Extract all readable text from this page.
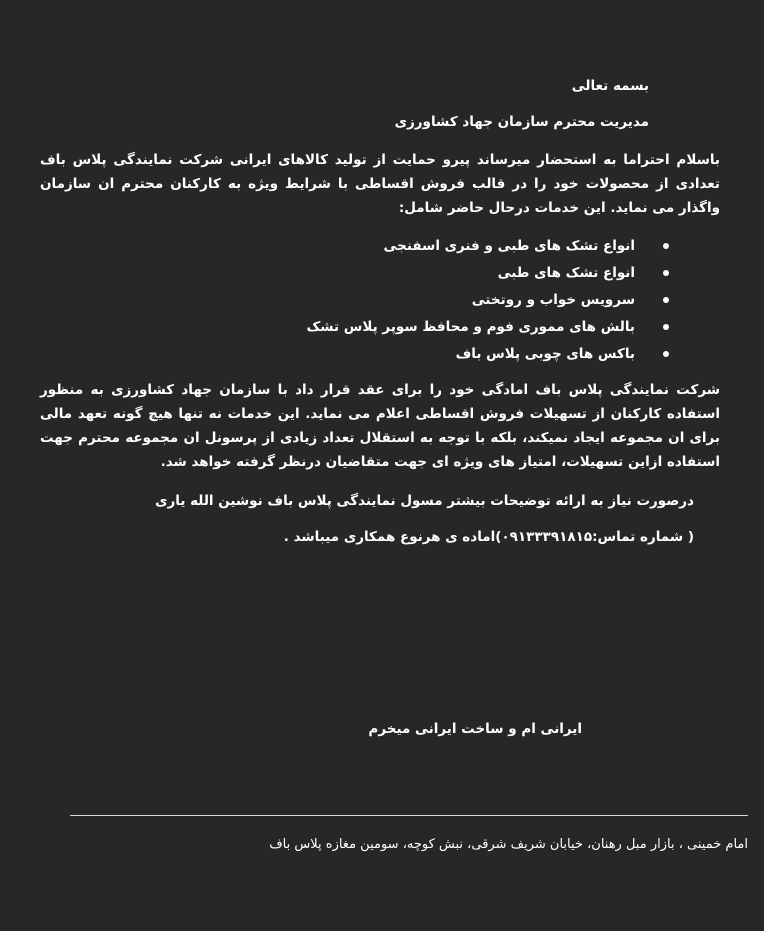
بسمه تعالی
مدیریت محترم سازمان جهاد کشاورزی
باسلام احتراما به استحضار میرساند پیرو حمایت از تولید کالاهای ایرانی شرکت نمایندگی پلاس باف تعدادی از محصولات خود را در قالب فروش اقساطی با شرایط ویژه به کارکنان محترم ان سازمان واگذار می نماید. این خدمات درحال حاضر شامل:
انواع تشک های طبی و فنری اسفنجی
انواع تشک های طبی
سرویس خواب و روتختی
بالش های مموری فوم و محافظ سوپر پلاس تشک
باکس های چوبی پلاس باف
شرکت نمایندگی پلاس باف امادگی خود را برای عقد قرار داد با سازمان جهاد کشاورزی به منظور استفاده کارکنان از تسهیلات فروش اقساطی اعلام می نماید. این خدمات نه تنها هیچ گونه تعهد مالی برای ان مجموعه ایجاد نمیکند، بلکه با توجه به استقلال تعداد زیادی از پرسونل ان مجموعه محترم جهت استفاده ازاین تسهیلات، امتیاز های ویژه ای جهت متقاضیان درنظر گرفته خواهد شد.
درصورت نیاز به ارائه توضیحات بیشتر مسول نمایندگی پلاس باف نوشین الله یاری
( شماره تماس:۰۹۱۳۳۳۹۱۸۱۵)اماده ی هرنوع همکاری میباشد .
ایرانی ام و ساخت ایرانی میخرم
امام خمینی ، بازار مبل رهنان، خیابان شریف شرقی، نبش کوچه، سومین مغازه پلاس باف
